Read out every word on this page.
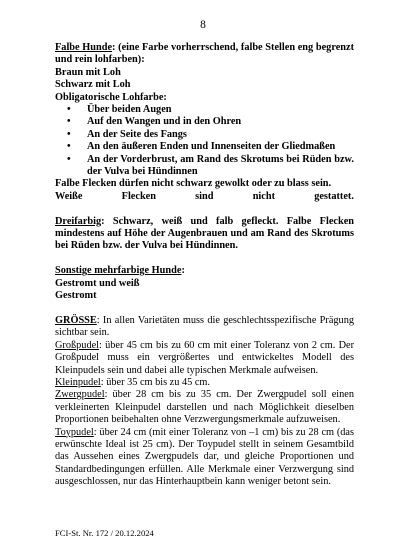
8

Falbe Hunde: (eine Farbe vorherrschend, falbe Stellen eng begrenzt und rein lohfarben):

Braun mit Loh

Schwarz mit Loh

Obligatorische Lohfarbe:

• Über beiden Augen
• Auf den Wangen und in den Ohren
• An der Seite des Fangs
• An den äußeren Enden und Innenseiten der Gliedmaßen
• An der Vorderbrust, am Rand des Skrotums bei Rüden bzw. der Vulva bei Hündinnen

Falbe Flecken dürfen nicht schwarz gewolkt oder zu blass sein.

Weiße	Flecken	sind	nicht	gestattet.

Dreifarbig: Schwarz, weiß und falb gefleckt. Falbe Flecken mindestens auf Höhe der Augenbrauen und am Rand des Skrotums bei Rüden bzw. der Vulva bei Hündinnen.

Sonstige mehrfarbige Hunde:

Gestromt und weiß

Gestromt

GRÖSSE: In allen Varietäten muss die geschlechtsspezifische Prägung sichtbar sein.

Großpudel: über 45 cm bis zu 60 cm mit einer Toleranz von 2 cm. Der Großpudel muss ein vergrößertes und entwickeltes Modell des Kleinpudels sein und dabei alle typischen Merkmale aufweisen.

Kleinpudel: über 35 cm bis zu 45 cm.

Zwergpudel: über 28 cm bis zu 35 cm. Der Zwergpudel soll einen verkleinerten Kleinpudel darstellen und nach Möglichkeit dieselben Proportionen beibehalten ohne Verzwergungsmerkmale aufzuweisen.

Toypudel: über 24 cm (mit einer Toleranz von –1 cm) bis zu 28 cm (das erwünschte Ideal ist 25 cm). Der Toypudel stellt in seinem Gesamtbild das Aussehen eines Zwergpudels dar, und gleiche Proportionen und Standardbedingungen erfüllen. Alle Merkmale einer Verzwergung sind ausgeschlossen, nur das Hinterhauptbein kann weniger betont sein.

FCI-St. Nr. 172 / 20.12.2024
